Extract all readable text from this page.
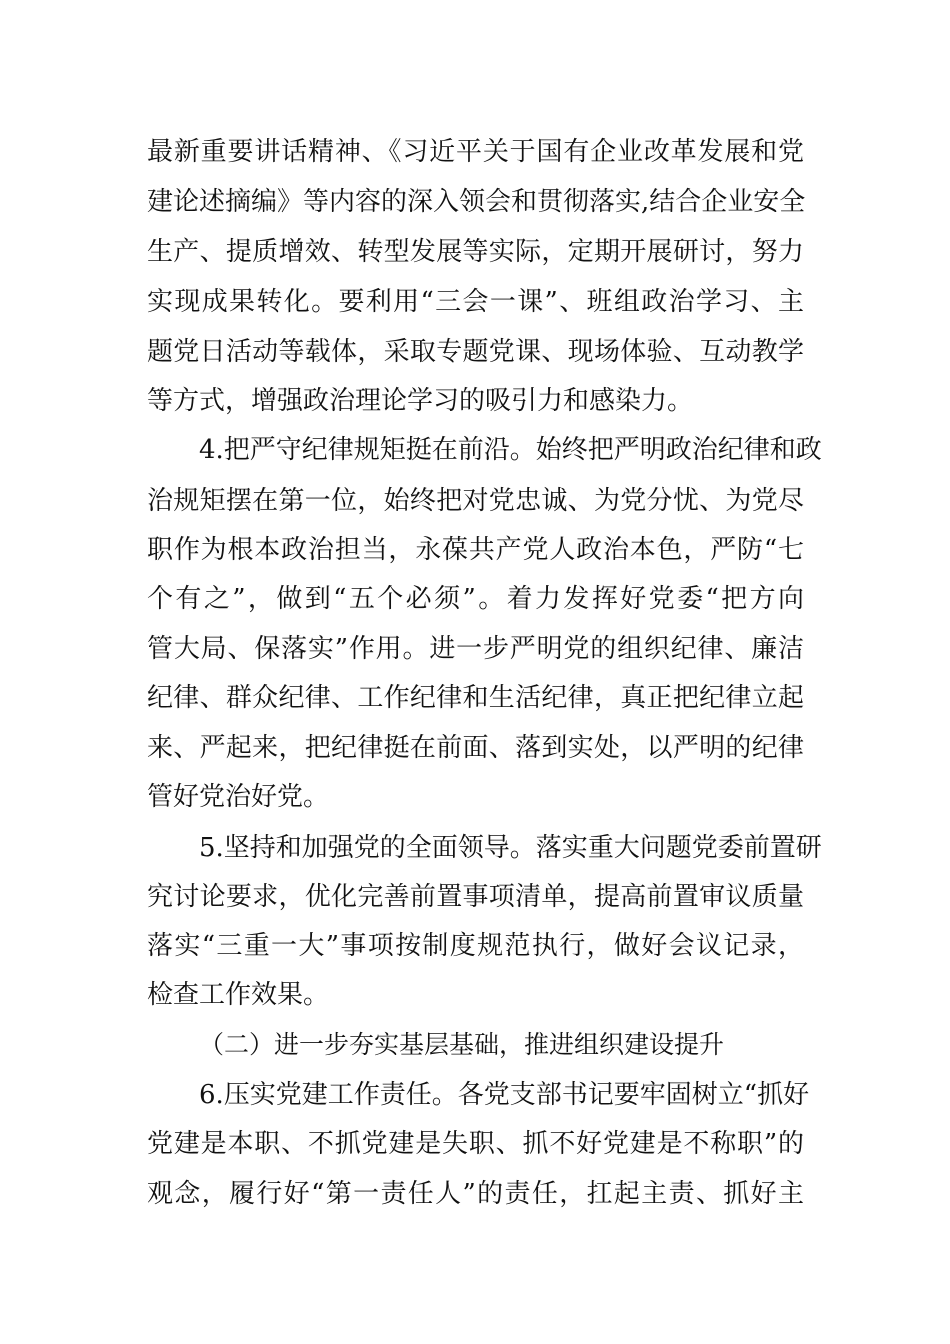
最新重要讲话精神、《习近平关于国有企业改革发展和党
建论述摘编》等内容的深入领会和贯彻落实,结合企业安全
生产、提质增效、转型发展等实际，定期开展研讨，努力
实现成果转化。要利用“三会一课”、班组政治学习、主
题党日活动等载体，采取专题党课、现场体验、互动教学
等方式，增强政治理论学习的吸引力和感染力。
4.把严守纪律规矩挺在前沿。始终把严明政治纪律和政
治规矩摆在第一位，始终把对党忠诚、为党分忧、为党尽
职作为根本政治担当，永葆共产党人政治本色，严防“七
个有之”，做到“五个必须”。着力发挥好党委“把方向
管大局、保落实”作用。进一步严明党的组织纪律、廉洁
纪律、群众纪律、工作纪律和生活纪律，真正把纪律立起
来、严起来，把纪律挺在前面、落到实处，以严明的纪律
管好党治好党。
5.坚持和加强党的全面领导。落实重大问题党委前置研
究讨论要求，优化完善前置事项清单，提高前置审议质量
落实“三重一大”事项按制度规范执行，做好会议记录，
检查工作效果。
（二）进一步夯实基层基础，推进组织建设提升
6.压实党建工作责任。各党支部书记要牢固树立“抓好
党建是本职、不抓党建是失职、抓不好党建是不称职”的
观念，履行好“第一责任人”的责任，扛起主责、抓好主
